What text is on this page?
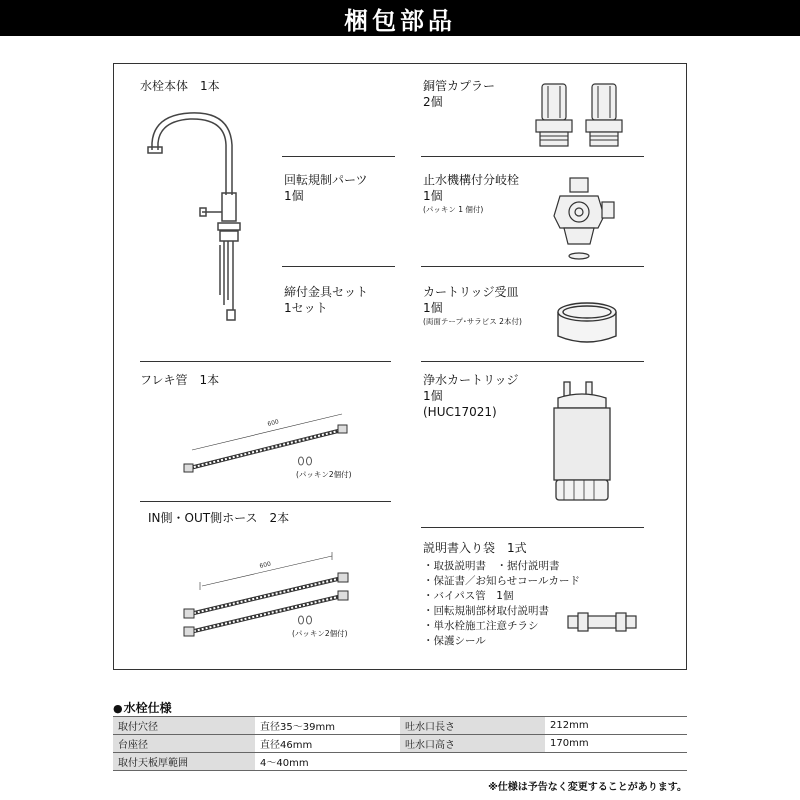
梱包部品
水栓本体　1本	銅管カプラー
2個
回転規制パーツ
1個
止水機構付分岐栓
1個
(パッキン 1 個付)
締付金具セット
1セット
カートリッジ受皿
1個
(両面テープ･サラビス 2本付)
フレキ管　1本
600
(パッキン2個付)
浄水カートリッジ
1個
(HUC17021)
IN側・OUT側ホース　2本
600
(パッキン2個付)
説明書入り袋　1式
・取扱説明書　・据付説明書
・保証書／お知らせコールカード
・バイパス管　1個
・回転規制部材取付説明書
・単水栓施工注意チラシ
・保護シール
●水栓仕様
取付穴径	直径35〜39mm	吐水口長さ	212mm
台座径	直径46mm	吐水口高さ	170mm
取付天板厚範囲	4〜40mm		
※仕様は予告なく変更することがあります。
